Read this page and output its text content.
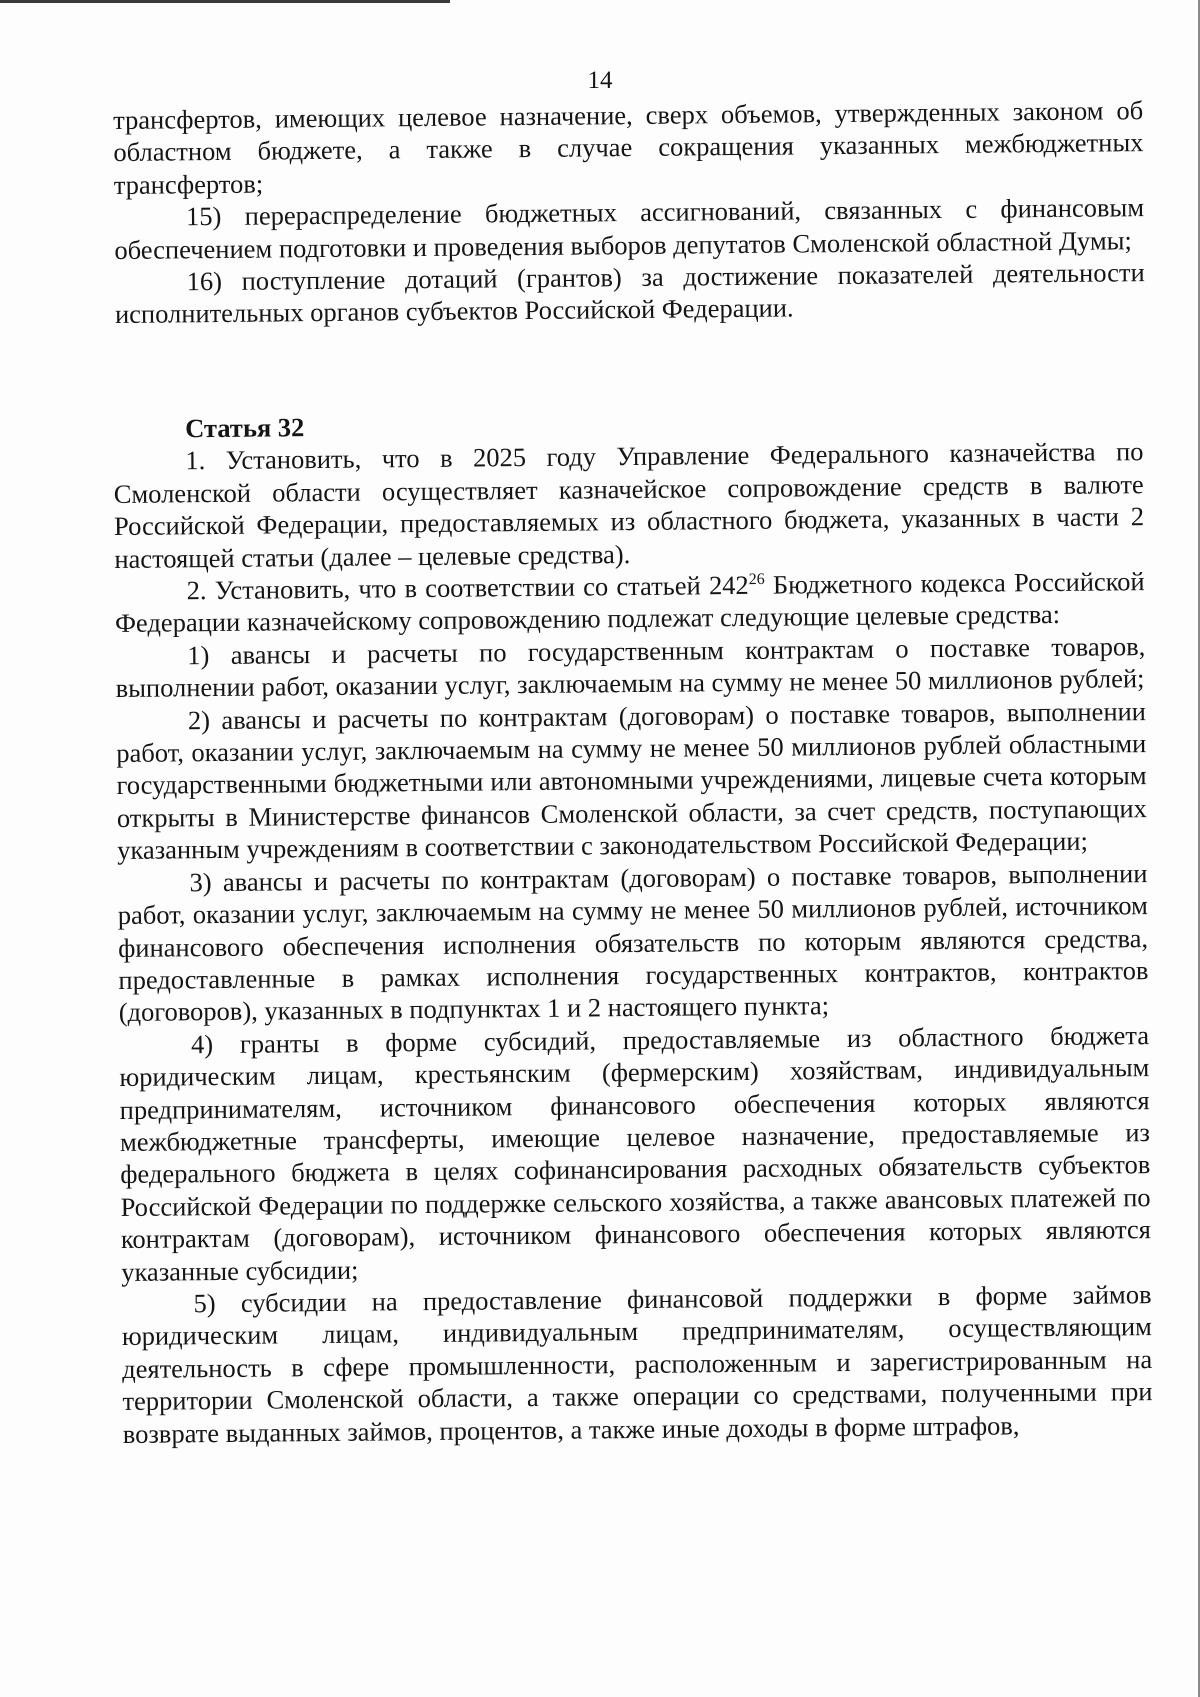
14

трансфертов, имеющих целевое назначение, сверх объемов, утвержденных законом об областном бюджете, а также в случае сокращения указанных межбюджетных трансфертов;

15) перераспределение бюджетных ассигнований, связанных с финансовым обеспечением подготовки и проведения выборов депутатов Смоленской областной Думы;

16) поступление дотаций (грантов) за достижение показателей деятельности исполнительных органов субъектов Российской Федерации.

Статья 32

1. Установить, что в 2025 году Управление Федерального казначейства по Смоленской области осуществляет казначейское сопровождение средств в валюте Российской Федерации, предоставляемых из областного бюджета, указанных в части 2 настоящей статьи (далее – целевые средства).

2. Установить, что в соответствии со статьей $242^{26}$ Бюджетного кодекса Российской Федерации казначейскому сопровождению подлежат следующие целевые средства:

1) авансы и расчеты по государственным контрактам о поставке товаров, выполнении работ, оказании услуг, заключаемым на сумму не менее 50 миллионов рублей;

2) авансы и расчеты по контрактам (договорам) о поставке товаров, выполнении работ, оказании услуг, заключаемым на сумму не менее 50 миллионов рублей областными государственными бюджетными или автономными учреждениями, лицевые счета которым открыты в Министерстве финансов Смоленской области, за счет средств, поступающих указанным учреждениям в соответствии с законодательством Российской Федерации;

3) авансы и расчеты по контрактам (договорам) о поставке товаров, выполнении работ, оказании услуг, заключаемым на сумму не менее 50 миллионов рублей, источником финансового обеспечения исполнения обязательств по которым являются средства, предоставленные в рамках исполнения государственных контрактов, контрактов (договоров), указанных в подпунктах 1 и 2 настоящего пункта;

4) гранты в форме субсидий, предоставляемые из областного бюджета юридическим лицам, крестьянским (фермерским) хозяйствам, индивидуальным предпринимателям, источником финансового обеспечения которых являются межбюджетные трансферты, имеющие целевое назначение, предоставляемые из федерального бюджета в целях софинансирования расходных обязательств субъектов Российской Федерации по поддержке сельского хозяйства, а также авансовых платежей по контрактам (договорам), источником финансового обеспечения которых являются указанные субсидии;

5) субсидии на предоставление финансовой поддержки в форме займов юридическим лицам, индивидуальным предпринимателям, осуществляющим деятельность в сфере промышленности, расположенным и зарегистрированным на территории Смоленской области, а также операции со средствами, полученными при возврате выданных займов, процентов, а также иные доходы в форме штрафов,
